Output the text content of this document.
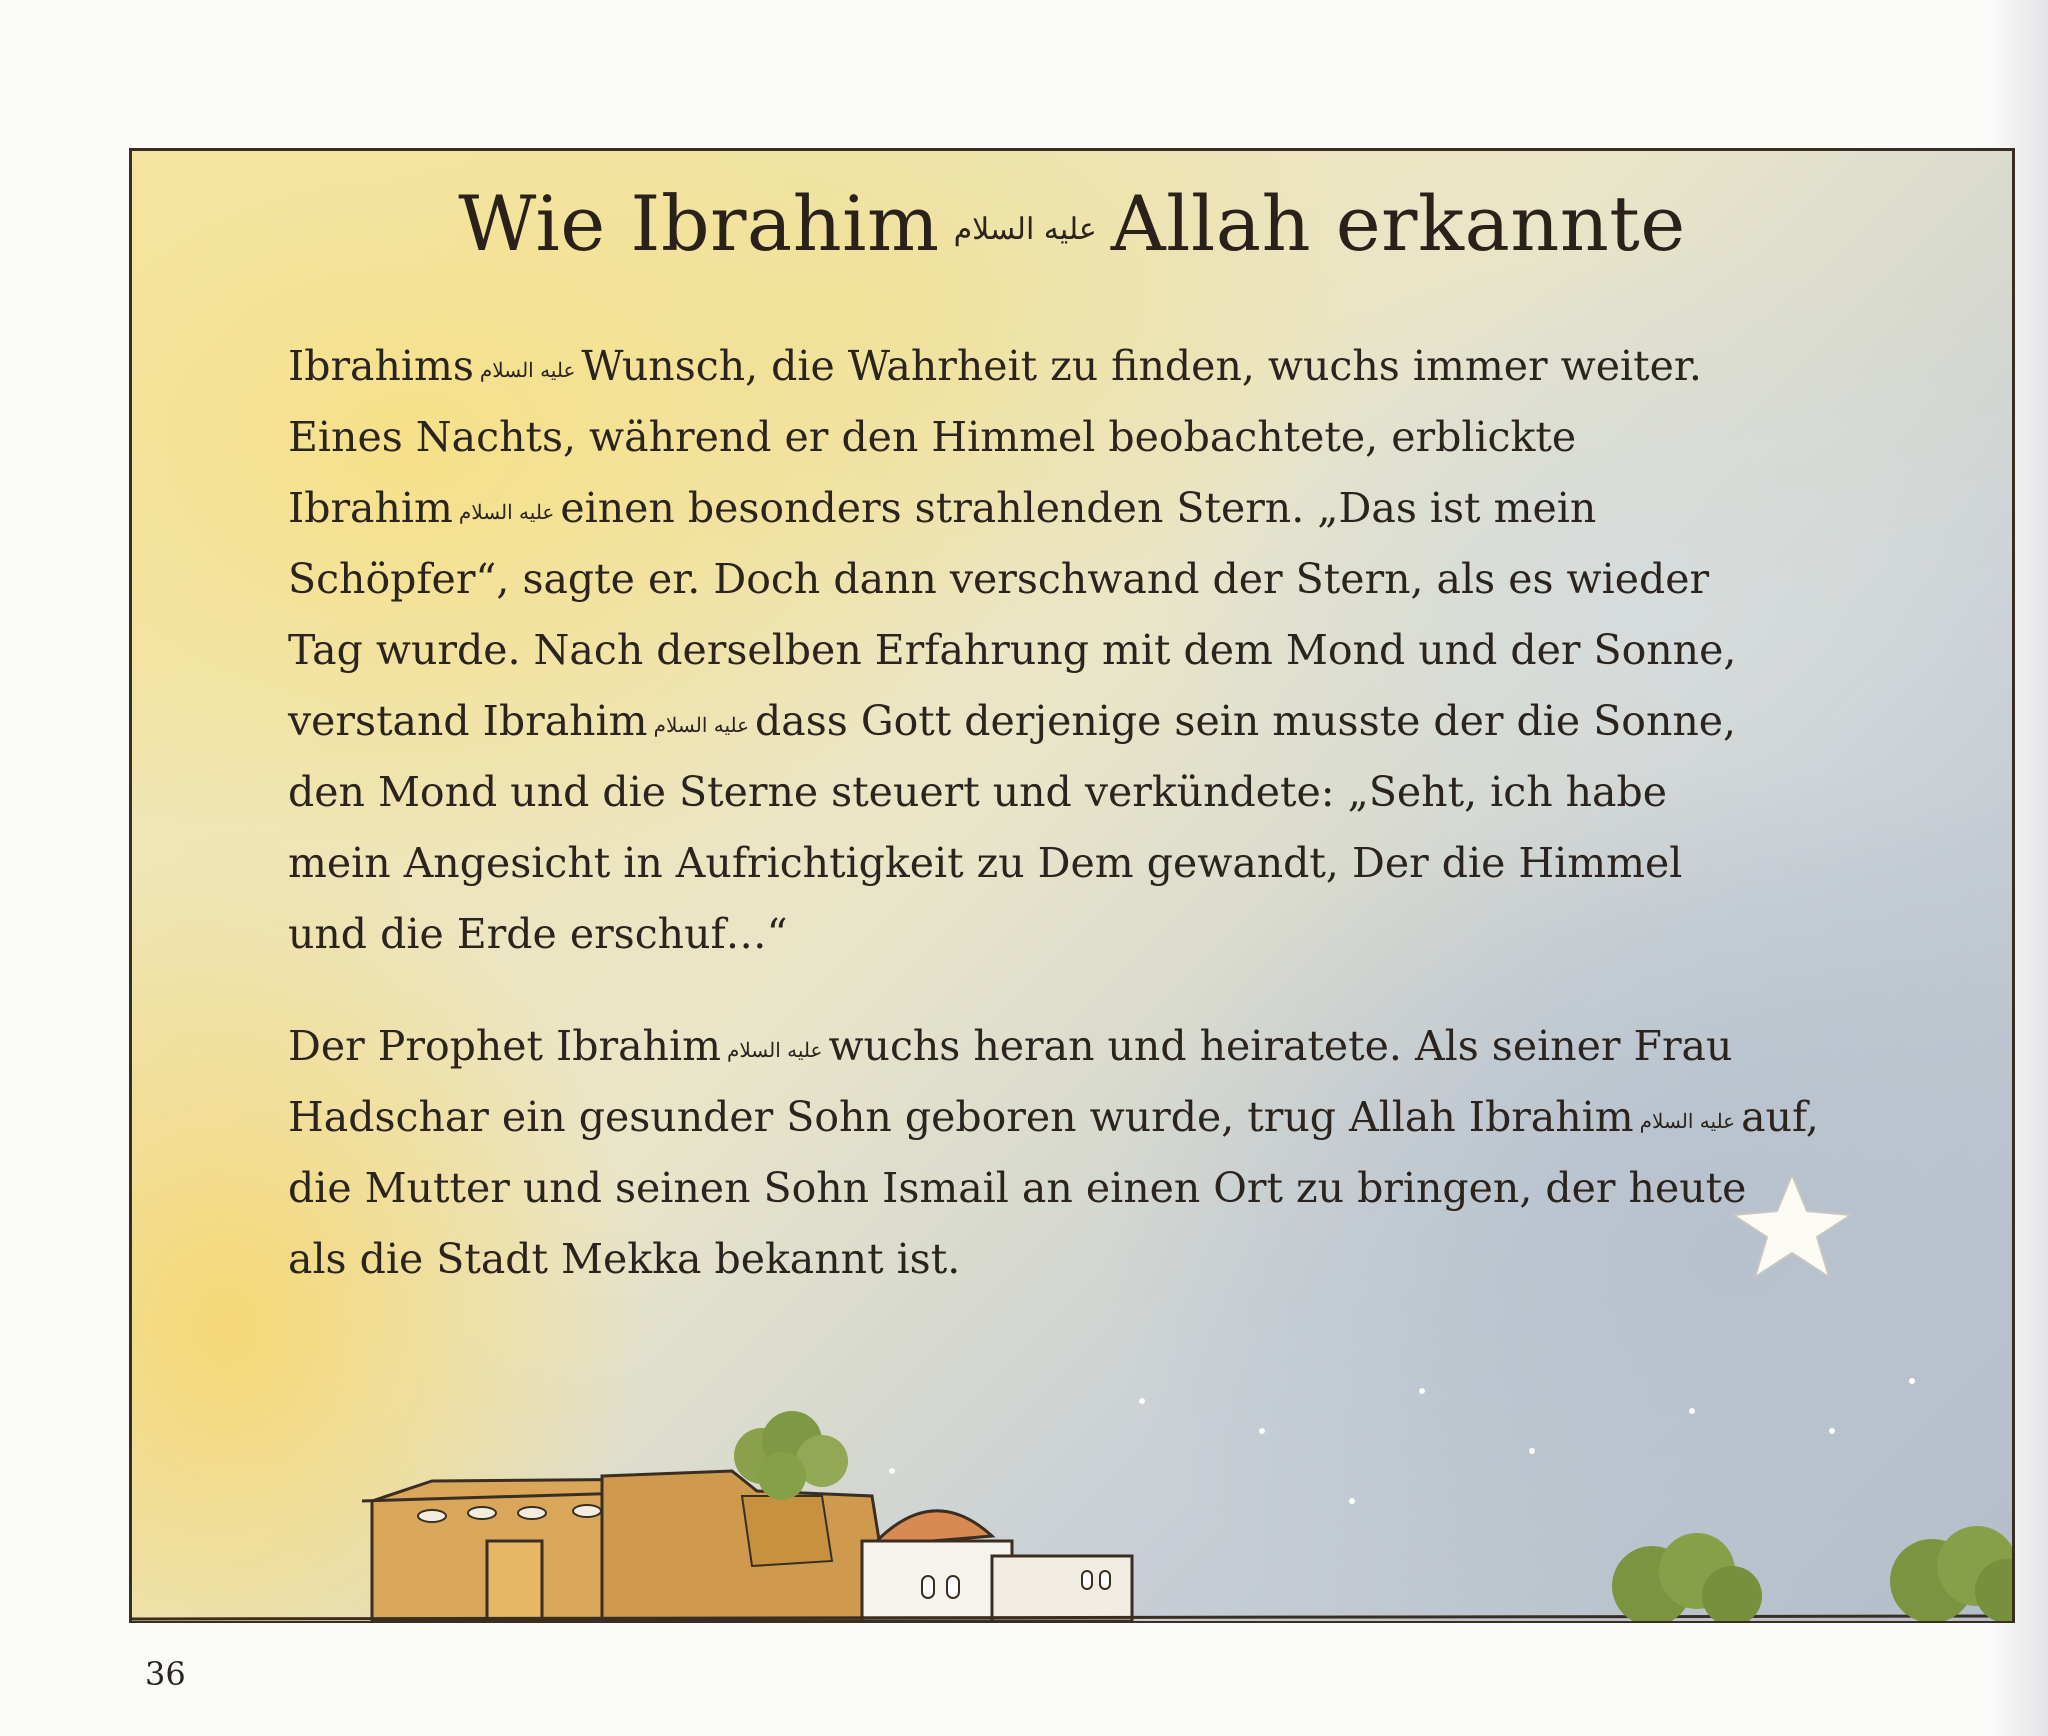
Wie Ibrahim عليه السلام Allah erkannte
Ibrahims عليه السلام Wunsch, die Wahrheit zu finden, wuchs immer weiter.
Eines Nachts, während er den Himmel beobachtete, erblickte
Ibrahim عليه السلام einen besonders strahlenden Stern. „Das ist mein
Schöpfer“, sagte er. Doch dann verschwand der Stern, als es wieder
Tag wurde. Nach derselben Erfahrung mit dem Mond und der Sonne,
verstand Ibrahim عليه السلام dass Gott derjenige sein musste der die Sonne,
den Mond und die Sterne steuert und verkündete: „Seht, ich habe
mein Angesicht in Aufrichtigkeit zu Dem gewandt, Der die Himmel
und die Erde erschuf…“
Der Prophet Ibrahim عليه السلام wuchs heran und heiratete. Als seiner Frau
Hadschar ein gesunder Sohn geboren wurde, trug Allah Ibrahim عليه السلام auf,
die Mutter und seinen Sohn Ismail an einen Ort zu bringen, der heute
als die Stadt Mekka bekannt ist.

36
